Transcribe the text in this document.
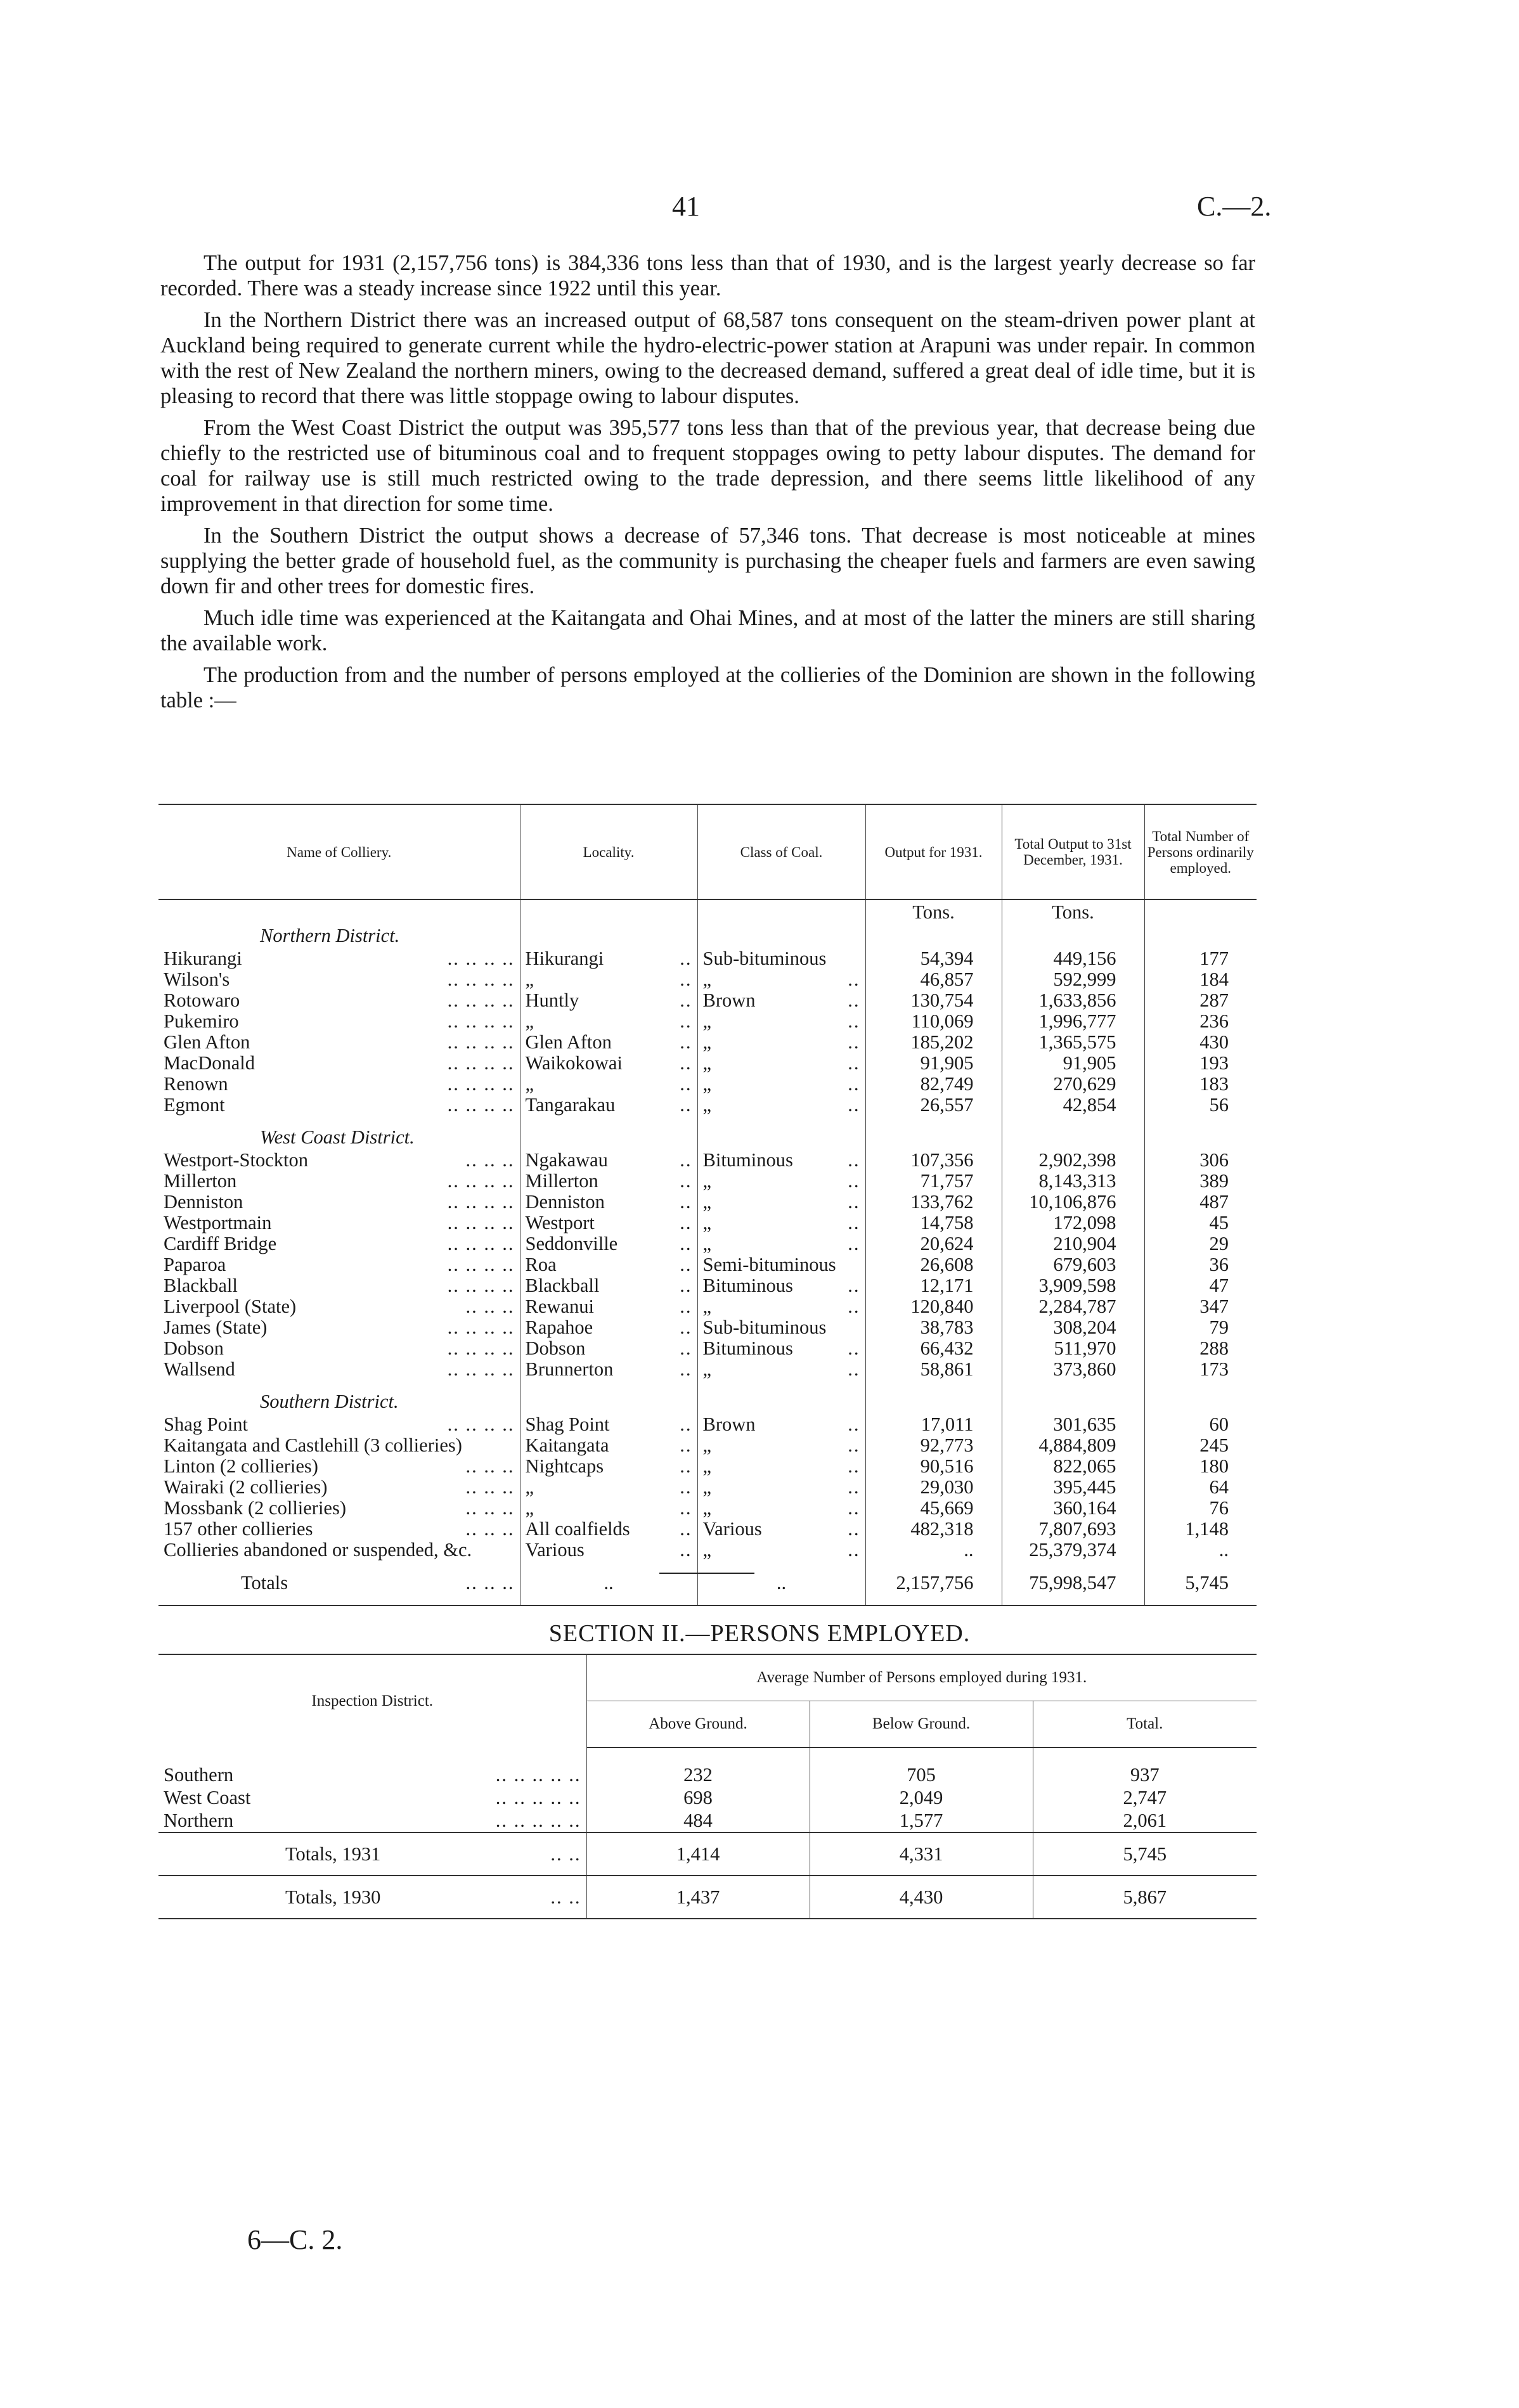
41	C.—2.

The output for 1931 (2,157,756 tons) is 384,336 tons less than that of 1930, and is the largest yearly decrease so far recorded. There was a steady increase since 1922 until this year.

In the Northern District there was an increased output of 68,587 tons consequent on the steam-driven power plant at Auckland being required to generate current while the hydro-electric-power station at Arapuni was under repair. In common with the rest of New Zealand the northern miners, owing to the decreased demand, suffered a great deal of idle time, but it is pleasing to record that there was little stoppage owing to labour disputes.

From the West Coast District the output was 395,577 tons less than that of the previous year, that decrease being due chiefly to the restricted use of bituminous coal and to frequent stoppages owing to petty labour disputes. The demand for coal for railway use is still much restricted owing to the trade depression, and there seems little likelihood of any improvement in that direction for some time.

In the Southern District the output shows a decrease of 57,346 tons. That decrease is most noticeable at mines supplying the better grade of household fuel, as the community is purchasing the cheaper fuels and farmers are even sawing down fir and other trees for domestic fires.

Much idle time was experienced at the Kaitangata and Ohai Mines, and at most of the latter the miners are still sharing the available work.

The production from and the number of persons employed at the collieries of the Dominion are shown in the following table :—

Name of Colliery.	Locality.	Class of Coal.	Output for 1931.	Total Output to 31st December, 1931.	Total Number of Persons ordinarily employed.
			Tons.	Tons.	
Northern District.					

Hikurangi .. .. .. ..	Hikurangi ..	Sub-bituminous	54,394	449,156	177

Wilson's .. .. .. ..	„ ..	„ ..	46,857	592,999	184

Rotowaro .. .. .. ..	Huntly ..	Brown ..	130,754	1,633,856	287

Pukemiro .. .. .. ..	„ ..	„ ..	110,069	1,996,777	236

Glen Afton .. .. .. ..	Glen Afton ..	„ ..	185,202	1,365,575	430

MacDonald .. .. .. ..	Waikokowai ..	„ ..	91,905	91,905	193

Renown .. .. .. ..	„ ..	„ ..	82,749	270,629	183

Egmont .. .. .. ..	Tangarakau ..	„ ..	26,557	42,854	56

West Coast District.					

Westport-Stockton .. .. ..	Ngakawau ..	Bituminous ..	107,356	2,902,398	306

Millerton .. .. .. ..	Millerton ..	„ ..	71,757	8,143,313	389

Denniston .. .. .. ..	Denniston ..	„ ..	133,762	10,106,876	487

Westportmain .. .. .. ..	Westport ..	„ ..	14,758	172,098	45

Cardiff Bridge .. .. .. ..	Seddonville ..	„ ..	20,624	210,904	29

Paparoa .. .. .. ..	Roa ..	Semi-bituminous	26,608	679,603	36

Blackball .. .. .. ..	Blackball ..	Bituminous ..	12,171	3,909,598	47

Liverpool (State) .. .. ..	Rewanui ..	„ ..	120,840	2,284,787	347

James (State) .. .. .. ..	Rapahoe ..	Sub-bituminous	38,783	308,204	79

Dobson .. .. .. ..	Dobson ..	Bituminous ..	66,432	511,970	288

Wallsend .. .. .. ..	Brunnerton ..	„ ..	58,861	373,860	173

Southern District.					

Shag Point .. .. .. ..	Shag Point ..	Brown ..	17,011	301,635	60
Kaitangata and Castlehill (3 collieries)	Kaitangata ..	„ ..	92,773	4,884,809	245

Linton (2 collieries) .. .. ..	Nightcaps ..	„ ..	90,516	822,065	180

Wairaki (2 collieries) .. .. ..	„ ..	„ ..	29,030	395,445	64

Mossbank (2 collieries) .. .. ..	„ ..	„ ..	45,669	360,164	76

157 other collieries .. .. ..	All coalfields ..	Various ..	482,318	7,807,693	1,148
Collieries abandoned or suspended, &c.	Various ..	„ ..	..	25,379,374	..

Totals .. .. ..	..	..	2,157,756	75,998,547	5,745
SECTION II.—PERSONS EMPLOYED.
Inspection District.	Average Number of Persons employed during 1931.		
	Above Ground.	Below Ground.	Total.

Southern .. .. .. .. ..	232	705	937

West Coast .. .. .. .. ..	698	2,049	2,747

Northern .. .. .. .. ..	484	1,577	2,061

Totals, 1931 .. ..	1,414	4,331	5,745

Totals, 1930 .. ..	1,437	4,430	5,867
6—C. 2.
